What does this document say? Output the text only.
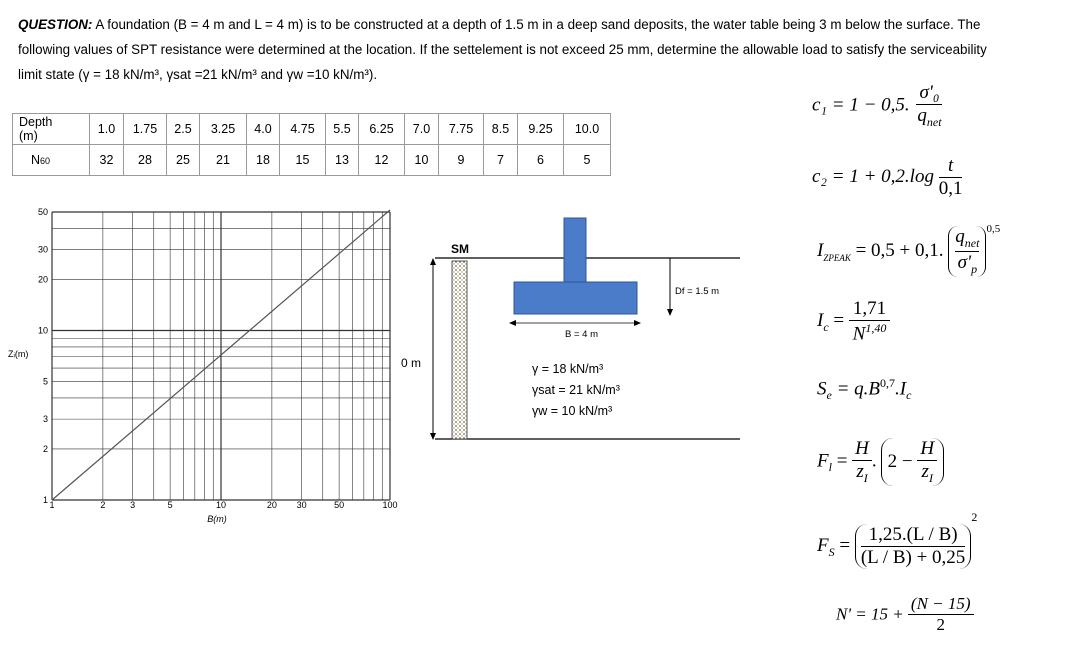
QUESTION: A foundation (B = 4 m and L = 4 m) is to be constructed at a depth of 1.5 m in a deep sand deposits, the water table being 3 m below the surface. The
following values of SPT resistance were determined at the location. If the settelement is not exceed 25 mm, determine the allowable load to satisfy the serviceability
limit state (γ = 18 kN/m³, γsat =21 kN/m³ and γw =10 kN/m³).
Depth
(m)	1.0	1.75	2.5	3.25	4.0	4.75	5.5	6.25	7.0	7.75	8.5	9.25	10.0
N60	32	28	25	21	18	15	13	12	10	9	7	6	5
50
30
20
10
5
3
2
1 1	2	3	5	10	20 30	50	100
B(m)
Zᵢ(m)
SM
0 m
Df = 1.5 m
B = 4 m
γ = 18 kN/m³
γsat = 21 kN/m³
γw = 10 kN/m³
c₁ = 1 − 0,5.
σ'₀
$q_{net}$
$c_2 = 1 + 0,2.\log \frac{t}{0,1}$
$I_{ZPEAK} = 0,5 + 0,1$.
$q_{net}$
$\sigma'_p$
$^{0,5}$
$I_c = \frac{1,71}{N^{1,40}}$
$S_e = q.B^{0,7}.I_c$
$F_l = \frac{H}{z_I}$ . $2 - \frac{H}{z_I}$
$F_S = \frac{1,25.(L / B)}{(L / B) + 0,25}$
$^2$
$N' = 15 + \frac{(N - 15)}{2}$
